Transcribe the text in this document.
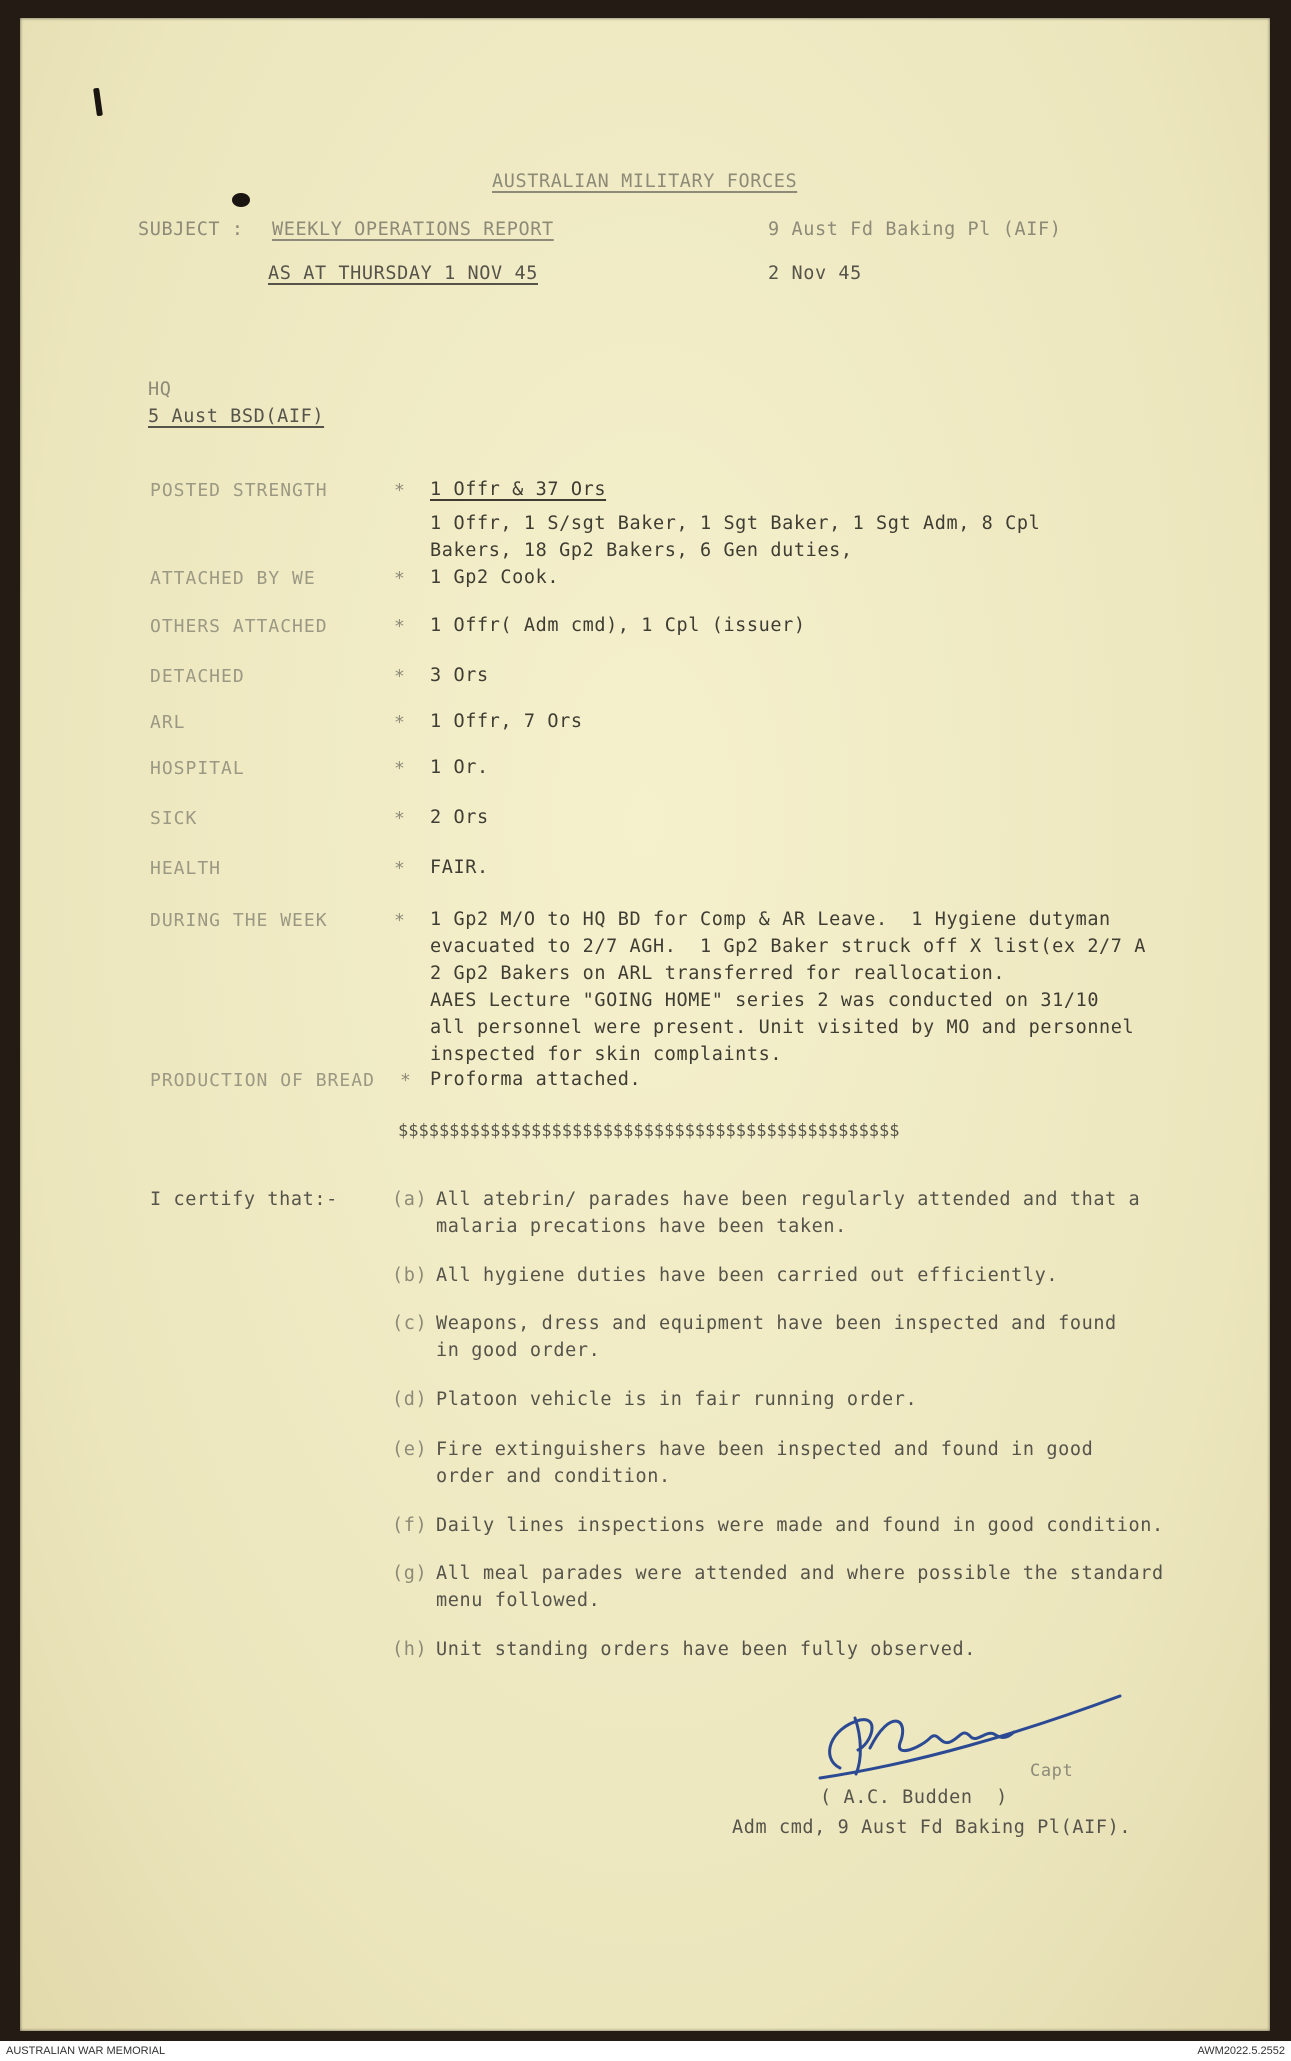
AUSTRALIAN MILITARY FORCES
SUBJECT : WEEKLY OPERATIONS REPORT
AS AT THURSDAY 1 NOV 45
9 Aust Fd Baking Pl (AIF)
2 Nov 45
HQ
5 Aust BSD(AIF)
POSTED STRENGTH	* 1 Offr & 37 Ors
1 Offr, 1 S/sgt Baker, 1 Sgt Baker, 1 Sgt Adm, 8 Cpl
Bakers, 18 Gp2 Bakers, 6 Gen duties,
ATTACHED BY WE	* 1 Gp2 Cook.
OTHERS ATTACHED	* 1 Offr( Adm cmd), 1 Cpl (issuer)
DETACHED	* 3 Ors
ARL	* 1 Offr, 7 Ors
HOSPITAL	* 1 Or.
SICK	* 2 Ors
HEALTH	* FAIR.
DURING THE WEEK	* 1 Gp2 M/O to HQ BD for Comp & AR Leave.  1 Hygiene dutyman
evacuated to 2/7 AGH.  1 Gp2 Baker struck off X list(ex 2/7 A
2 Gp2 Bakers on ARL transferred for reallocation.
AAES Lecture "GOING HOME" series 2 was conducted on 31/10
all personnel were present. Unit visited by MO and personnel
inspected for skin complaints.
PRODUCTION OF BREAD * Proforma attached.
$$$$$$$$$$$$$$$$$$$$$$$$$$$$$$$$$$$$$$$$$$$$$$$$$
I certify that:-	(a) All atebrin/ parades have been regularly attended and that a
malaria precations have been taken.
(b) All hygiene duties have been carried out efficiently.
(c) Weapons, dress and equipment have been inspected and found
in good order.
(d) Platoon vehicle is in fair running order.
(e) Fire extinguishers have been inspected and found in good
order and condition.
(f) Daily lines inspections were made and found in good condition.
(g) All meal parades were attended and where possible the standard
menu followed.
(h) Unit standing orders have been fully observed.
Capt
( A.C. Budden  )
Adm cmd, 9 Aust Fd Baking Pl(AIF).
AUSTRALIAN WAR MEMORIAL	AWM2022.5.2552
